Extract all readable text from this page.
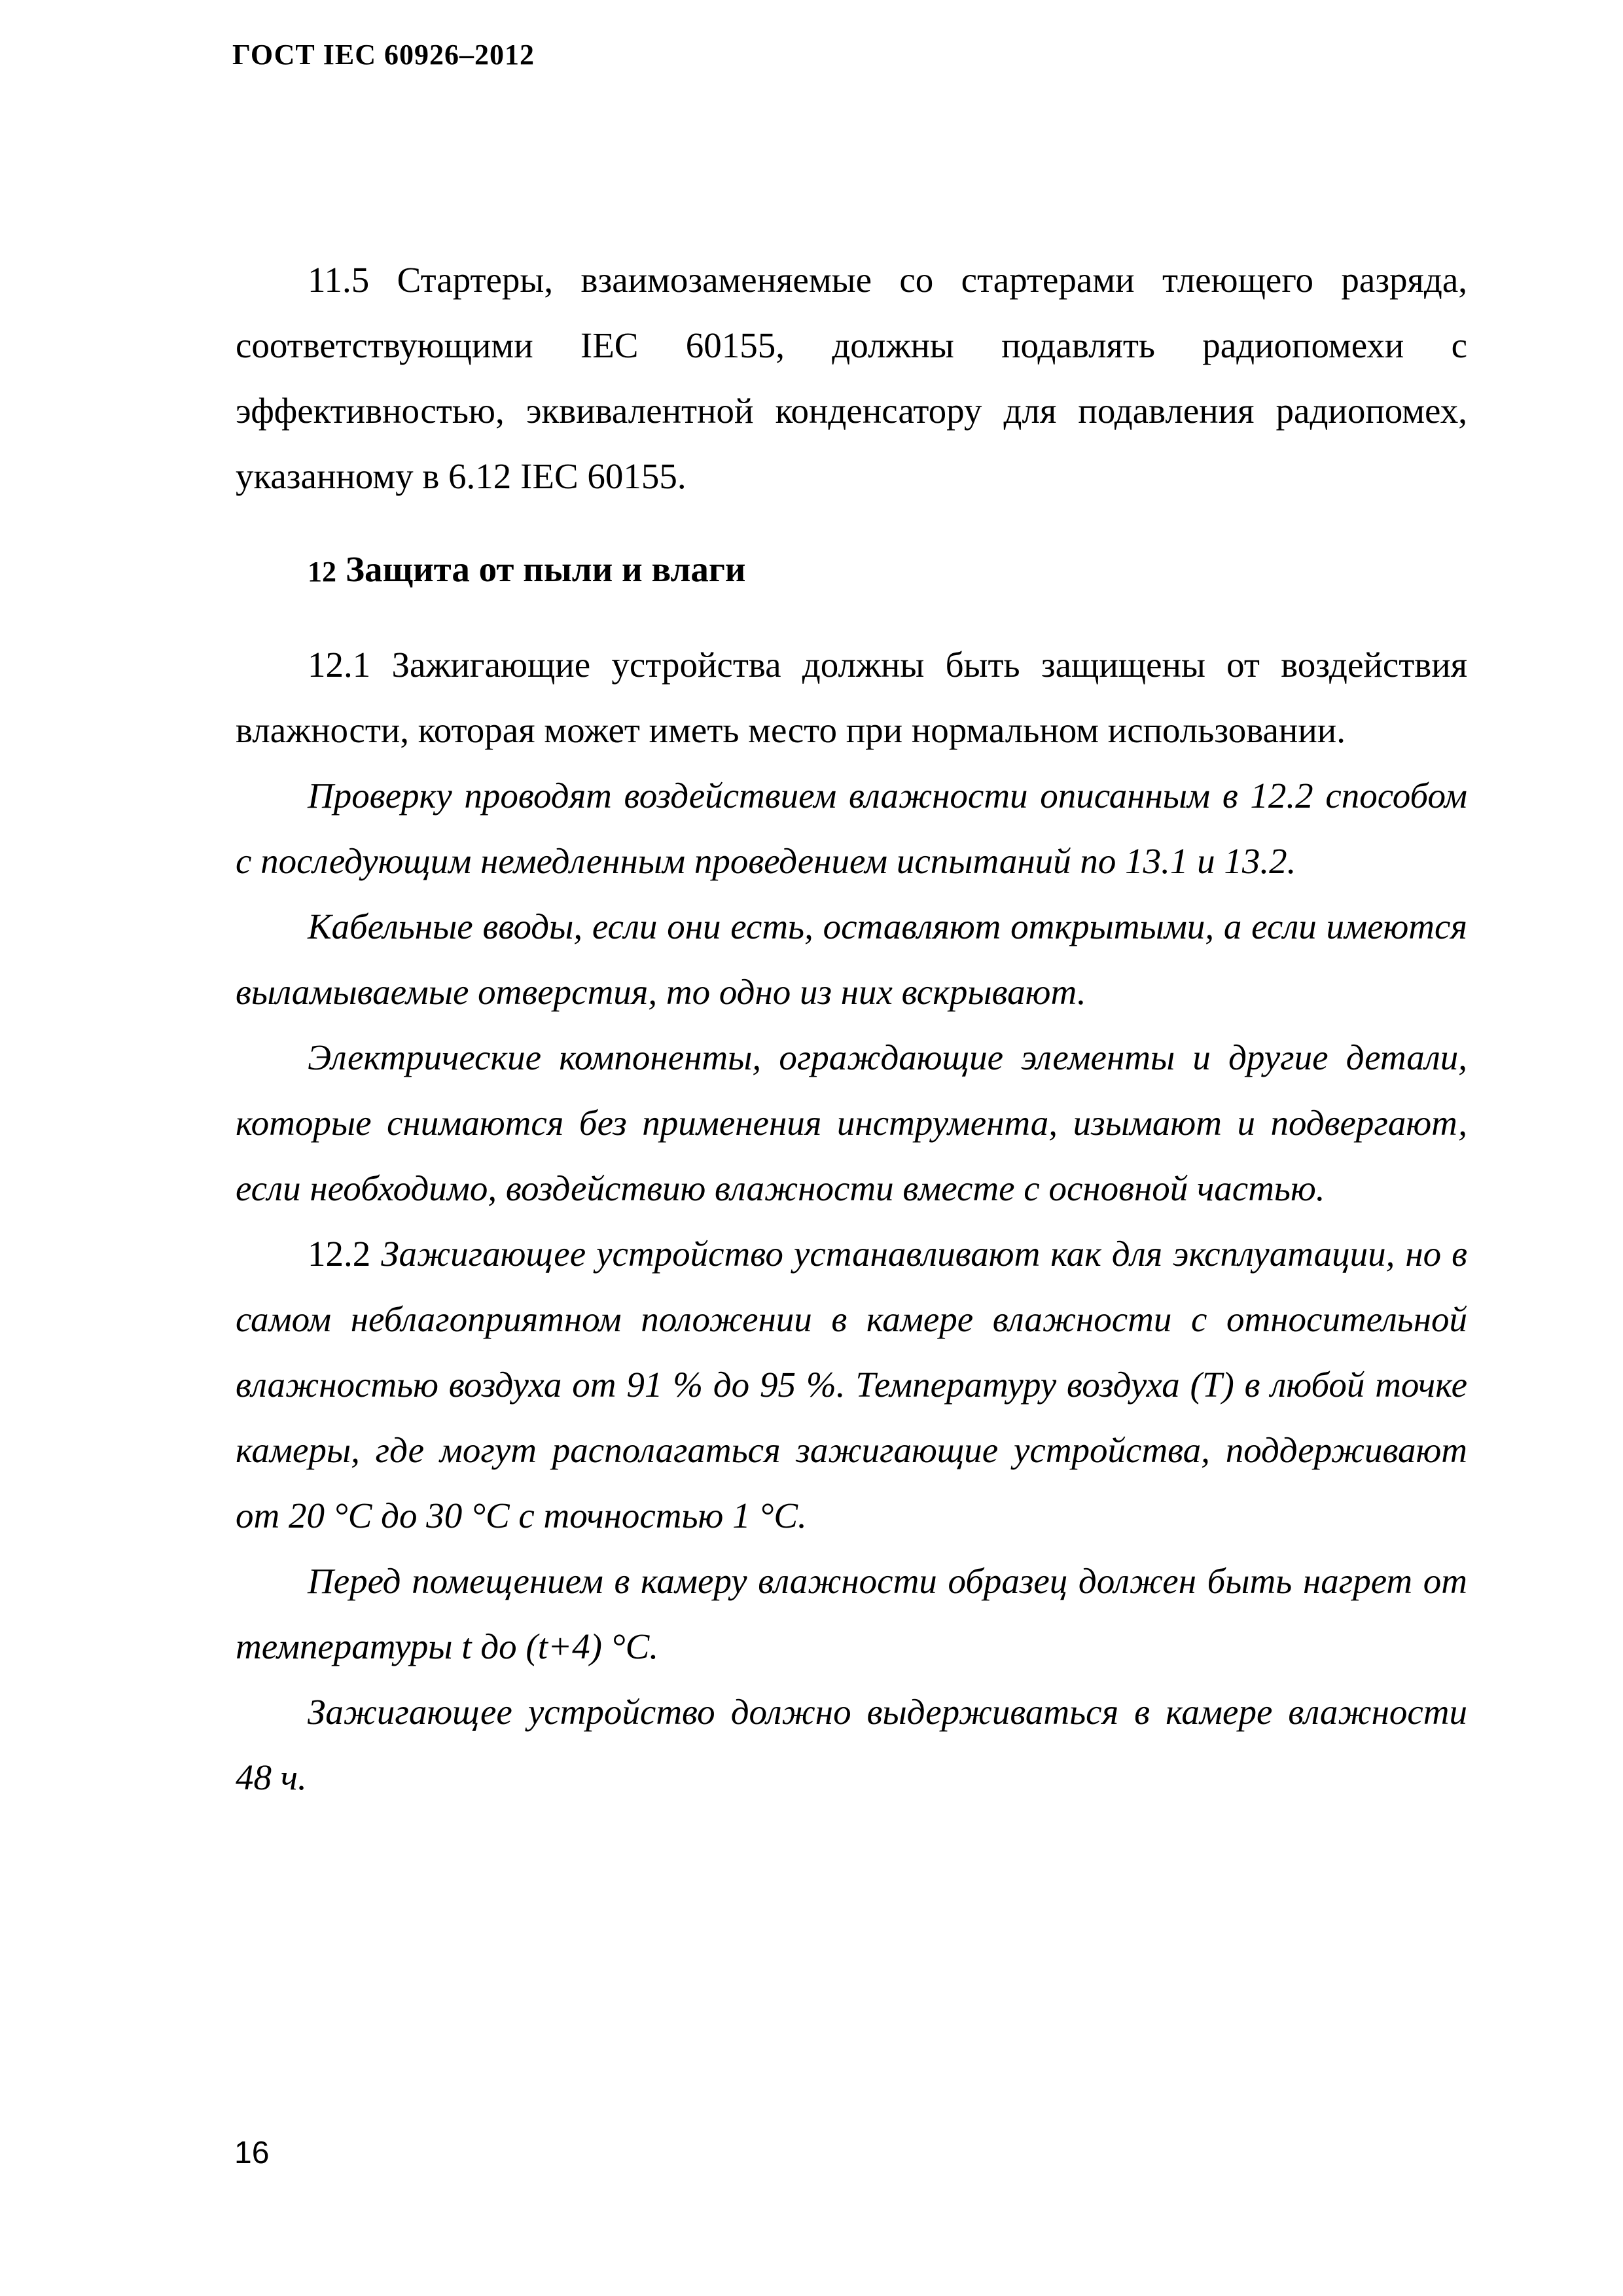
ГОСТ IEC 60926–2012

11.5 Стартеры, взаимозаменяемые со стартерами тлеющего разряда, соответствующими IEC 60155, должны подавлять радиопомехи с эффективностью, эквивалентной конденсатору для подавления радиопомех, указанному в 6.12 IEC 60155.

12 Защита от пыли и влаги

12.1 Зажигающие устройства должны быть защищены от воздействия влажности, которая может иметь место при нормальном использовании.

Проверку проводят воздействием влажности описанным в 12.2 способом с последующим немедленным проведением испытаний по 13.1 и 13.2.

Кабельные вводы, если они есть, оставляют открытыми, а если имеются выламываемые отверстия, то одно из них вскрывают.

Электрические компоненты, ограждающие элементы и другие детали, которые снимаются без применения инструмента, изымают и подвергают, если необходимо, воздействию влажности вместе с основной частью.

12.2 Зажигающее устройство устанавливают как для эксплуатации, но в самом неблагоприятном положении в камере влажности с относительной влажностью воздуха от 91 % до 95 %. Температуру воздуха (T) в любой точке камеры, где могут располагаться зажигающие устройства, поддерживают от 20 °C до 30 °C с точностью 1 °C.

Перед помещением в камеру влажности образец должен быть нагрет от температуры t до (t+4) °C.

Зажигающее устройство должно выдерживаться в камере влажности 48 ч.

16
